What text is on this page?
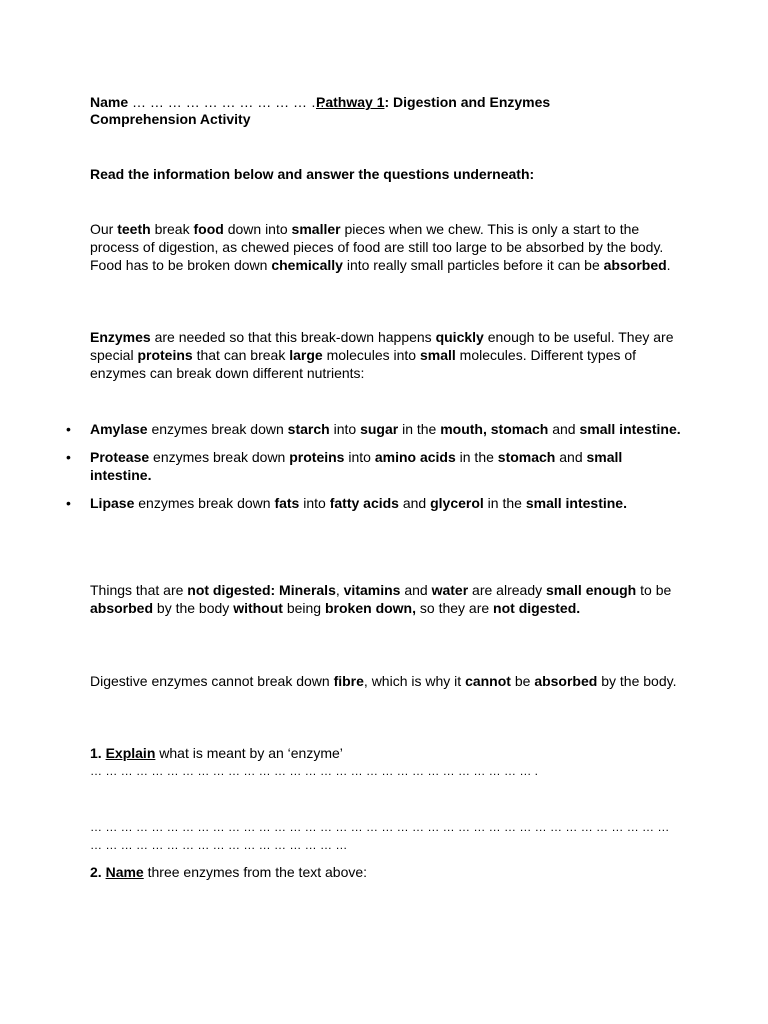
Name … … … … … … … … … … … .
Pathway 1: Digestion and Enzymes
Comprehension Activity
Read the information below and answer the questions underneath:
Our teeth break food down into smaller pieces when we chew. This is only a start to the process of digestion, as chewed pieces of food are still too large to be absorbed by the body. Food has to be broken down chemically into really small particles before it can be absorbed.
Enzymes are needed so that this break-down happens quickly enough to be useful. They are special proteins that can break large molecules into small molecules. Different types of enzymes can break down different nutrients:
•	Amylase enzymes break down starch into sugar in the mouth, stomach and small intestine.
•	Protease enzymes break down proteins into amino acids in the stomach and small intestine.
•	Lipase enzymes break down fats into fatty acids and glycerol in the small intestine.
Things that are not digested: Minerals, vitamins and water are already small enough to be absorbed by the body without being broken down, so they are not digested.
Digestive enzymes cannot break down fibre, which is why it cannot be absorbed by the body.
1. Explain what is meant by an ‘enzyme’
… … … … … … … … … … … … … … … … … … … … … … … … … … … … … .
… … … … … … … … … … … … … … … … … … … … … … … … … … … … … … … … … … … … … … … … … … … … … … … … … … … … … … …
2. Name three enzymes from the text above:
